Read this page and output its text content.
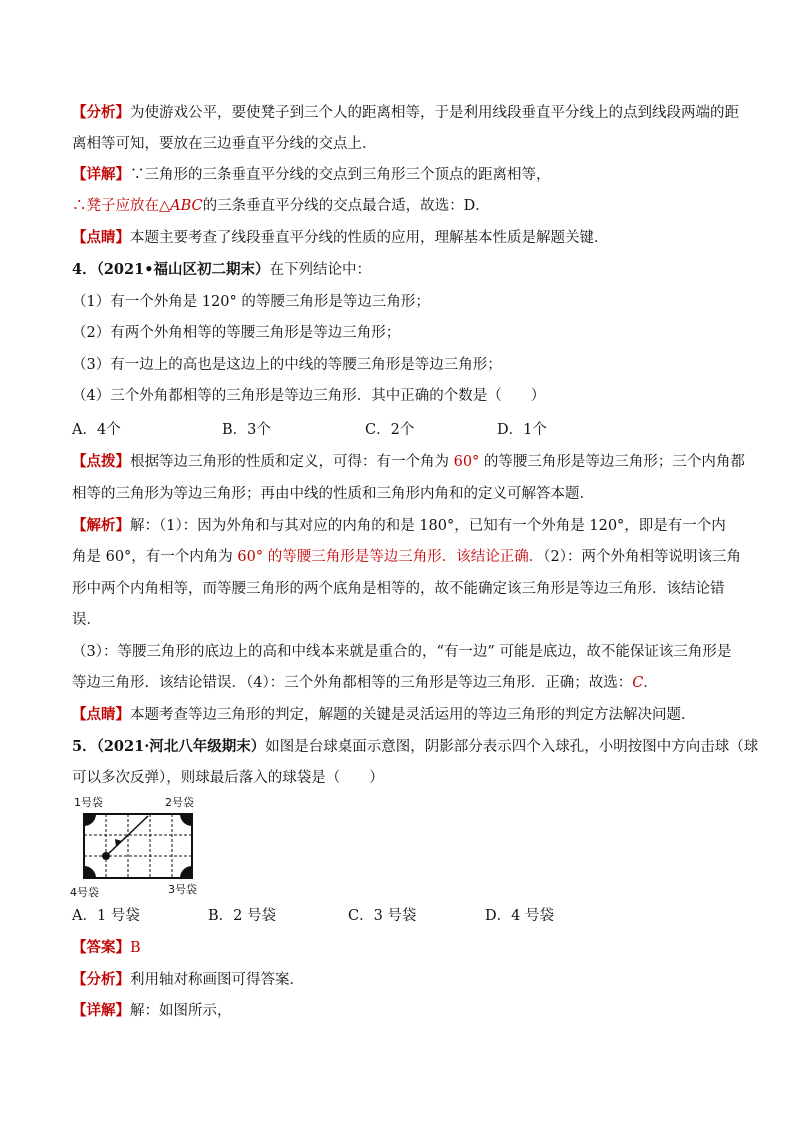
【分析】为使游戏公平，要使凳子到三个人的距离相等，于是利用线段垂直平分线上的点到线段两端的距
离相等可知，要放在三边垂直平分线的交点上．
【详解】∵三角形的三条垂直平分线的交点到三角形三个顶点的距离相等，
∴凳子应放在△ABC的三条垂直平分线的交点最合适，故选：D．
【点睛】本题主要考查了线段垂直平分线的性质的应用，理解基本性质是解题关键．
4．（2021•福山区初二期末）在下列结论中：
（1）有一个外角是 120° 的等腰三角形是等边三角形；
（2）有两个外角相等的等腰三角形是等边三角形；
（3）有一边上的高也是这边上的中线的等腰三角形是等边三角形；
（4）三个外角都相等的三角形是等边三角形．其中正确的个数是（　　）
A．4个	B．3个	C．2个	D．1个
【点拨】根据等边三角形的性质和定义，可得：有一个角为 60° 的等腰三角形是等边三角形；三个内角都
相等的三角形为等边三角形；再由中线的性质和三角形内角和的定义可解答本题．
【解析】解：（1）：因为外角和与其对应的内角的和是 180°，已知有一个外角是 120°，即是有一个内
角是 60°，有一个内角为 60° 的等腰三角形是等边三角形．该结论正确．（2）：两个外角相等说明该三角
形中两个内角相等，而等腰三角形的两个底角是相等的，故不能确定该三角形是等边三角形．该结论错
误．
（3）：等腰三角形的底边上的高和中线本来就是重合的，“有一边” 可能是底边，故不能保证该三角形是
等边三角形．该结论错误．（4）：三个外角都相等的三角形是等边三角形．正确；故选：C．
【点睛】本题考查等边三角形的判定，解题的关键是灵活运用的等边三角形的判定方法解决问题．
5．（2021·河北八年级期末）如图是台球桌面示意图，阴影部分表示四个入球孔，小明按图中方向击球（球
可以多次反弹），则球最后落入的球袋是（　　）
1号袋	2号袋
3号袋
4号袋
A．1 号袋	B．2 号袋	C．3 号袋	D．4 号袋
【答案】B
【分析】利用轴对称画图可得答案．
【详解】解：如图所示，
